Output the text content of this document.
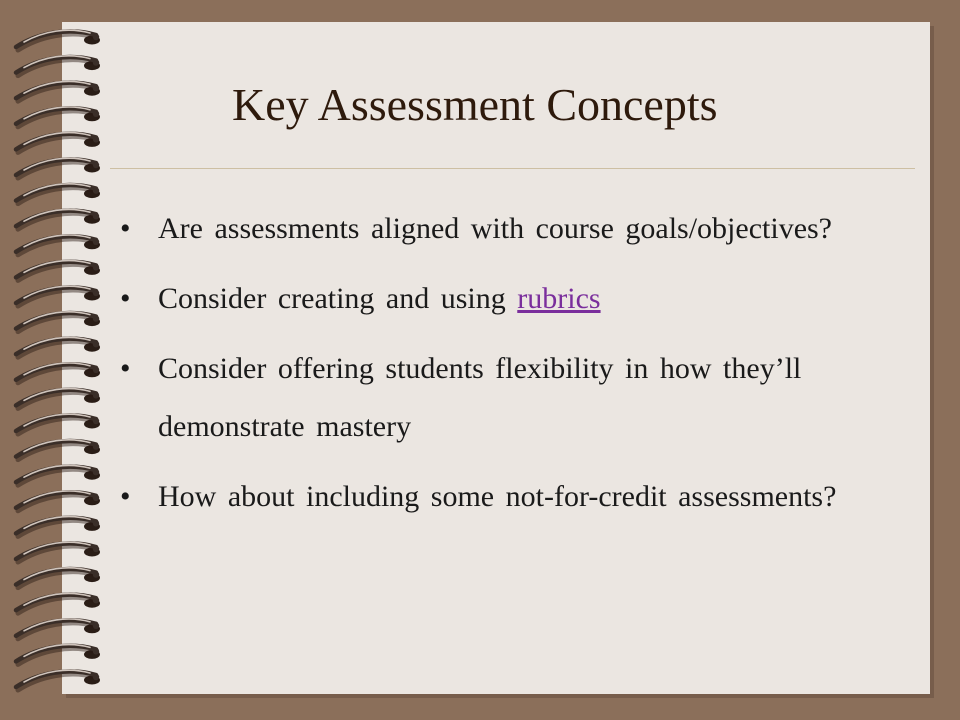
Key Assessment Concepts
• Are assessments aligned with course goals/objectives?
• Consider creating and using rubrics
• Consider offering students flexibility in how they’ll demonstrate mastery
• How about including some not-for-credit assessments?
